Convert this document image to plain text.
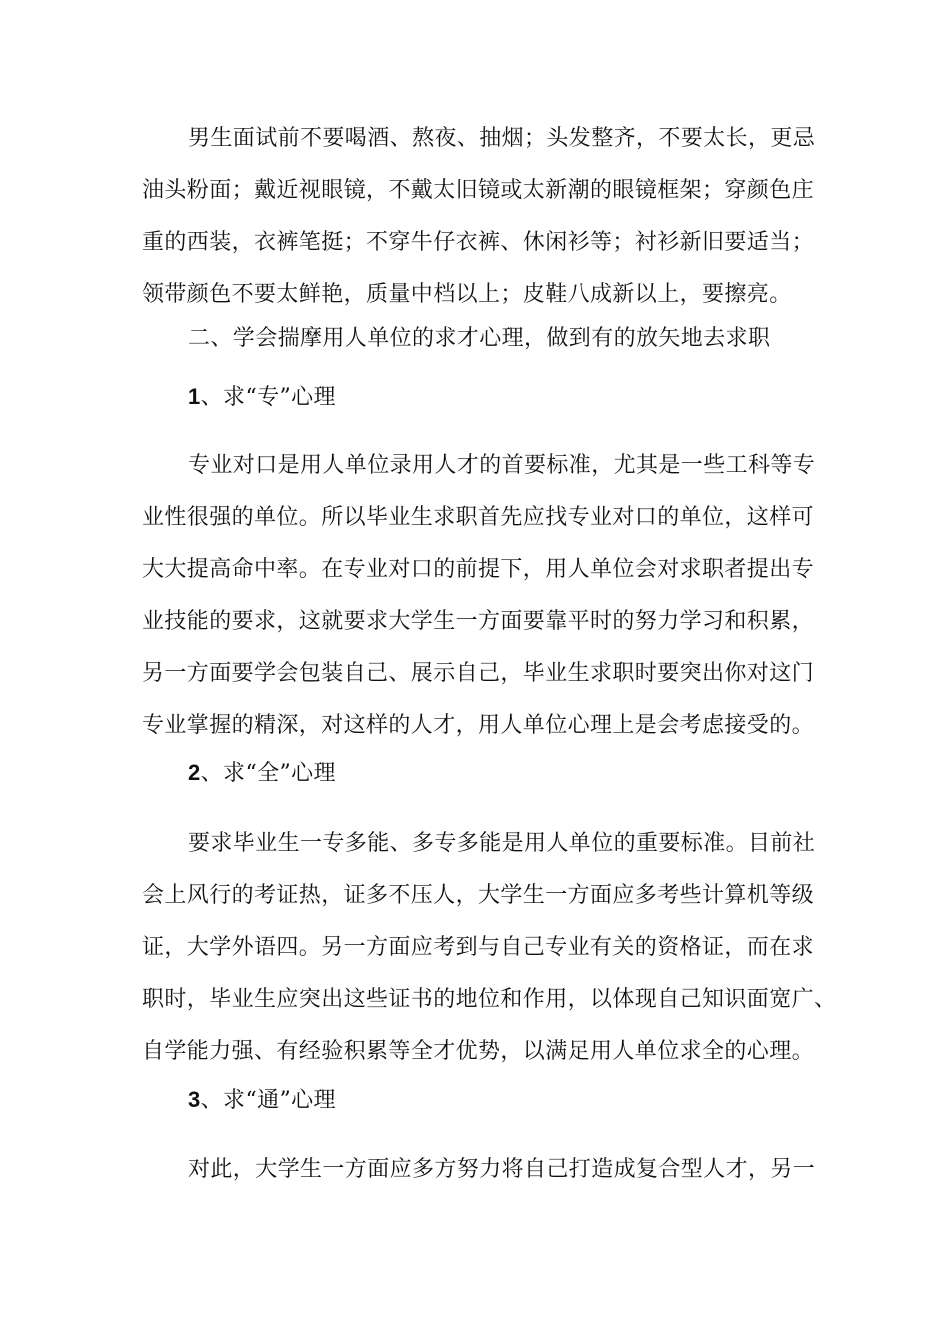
男生面试前不要喝酒、熬夜、抽烟；头发整齐，不要太长，更忌
油头粉面；戴近视眼镜，不戴太旧镜或太新潮的眼镜框架；穿颜色庄
重的西装，衣裤笔挺；不穿牛仔衣裤、休闲衫等；衬衫新旧要适当；
领带颜色不要太鲜艳，质量中档以上；皮鞋八成新以上，要擦亮。

二、学会揣摩用人单位的求才心理，做到有的放矢地去求职

1、求“专”心理

专业对口是用人单位录用人才的首要标准，尤其是一些工科等专
业性很强的单位。所以毕业生求职首先应找专业对口的单位，这样可
大大提高命中率。在专业对口的前提下，用人单位会对求职者提出专
业技能的要求，这就要求大学生一方面要靠平时的努力学习和积累，
另一方面要学会包装自己、展示自己，毕业生求职时要突出你对这门
专业掌握的精深，对这样的人才，用人单位心理上是会考虑接受的。

2、求“全”心理

要求毕业生一专多能、多专多能是用人单位的重要标准。目前社
会上风行的考证热，证多不压人，大学生一方面应多考些计算机等级
证，大学外语四。另一方面应考到与自己专业有关的资格证，而在求
职时，毕业生应突出这些证书的地位和作用，以体现自己知识面宽广、
自学能力强、有经验积累等全才优势，以满足用人单位求全的心理。

3、求“通”心理

对此，大学生一方面应多方努力将自己打造成复合型人才，另一
